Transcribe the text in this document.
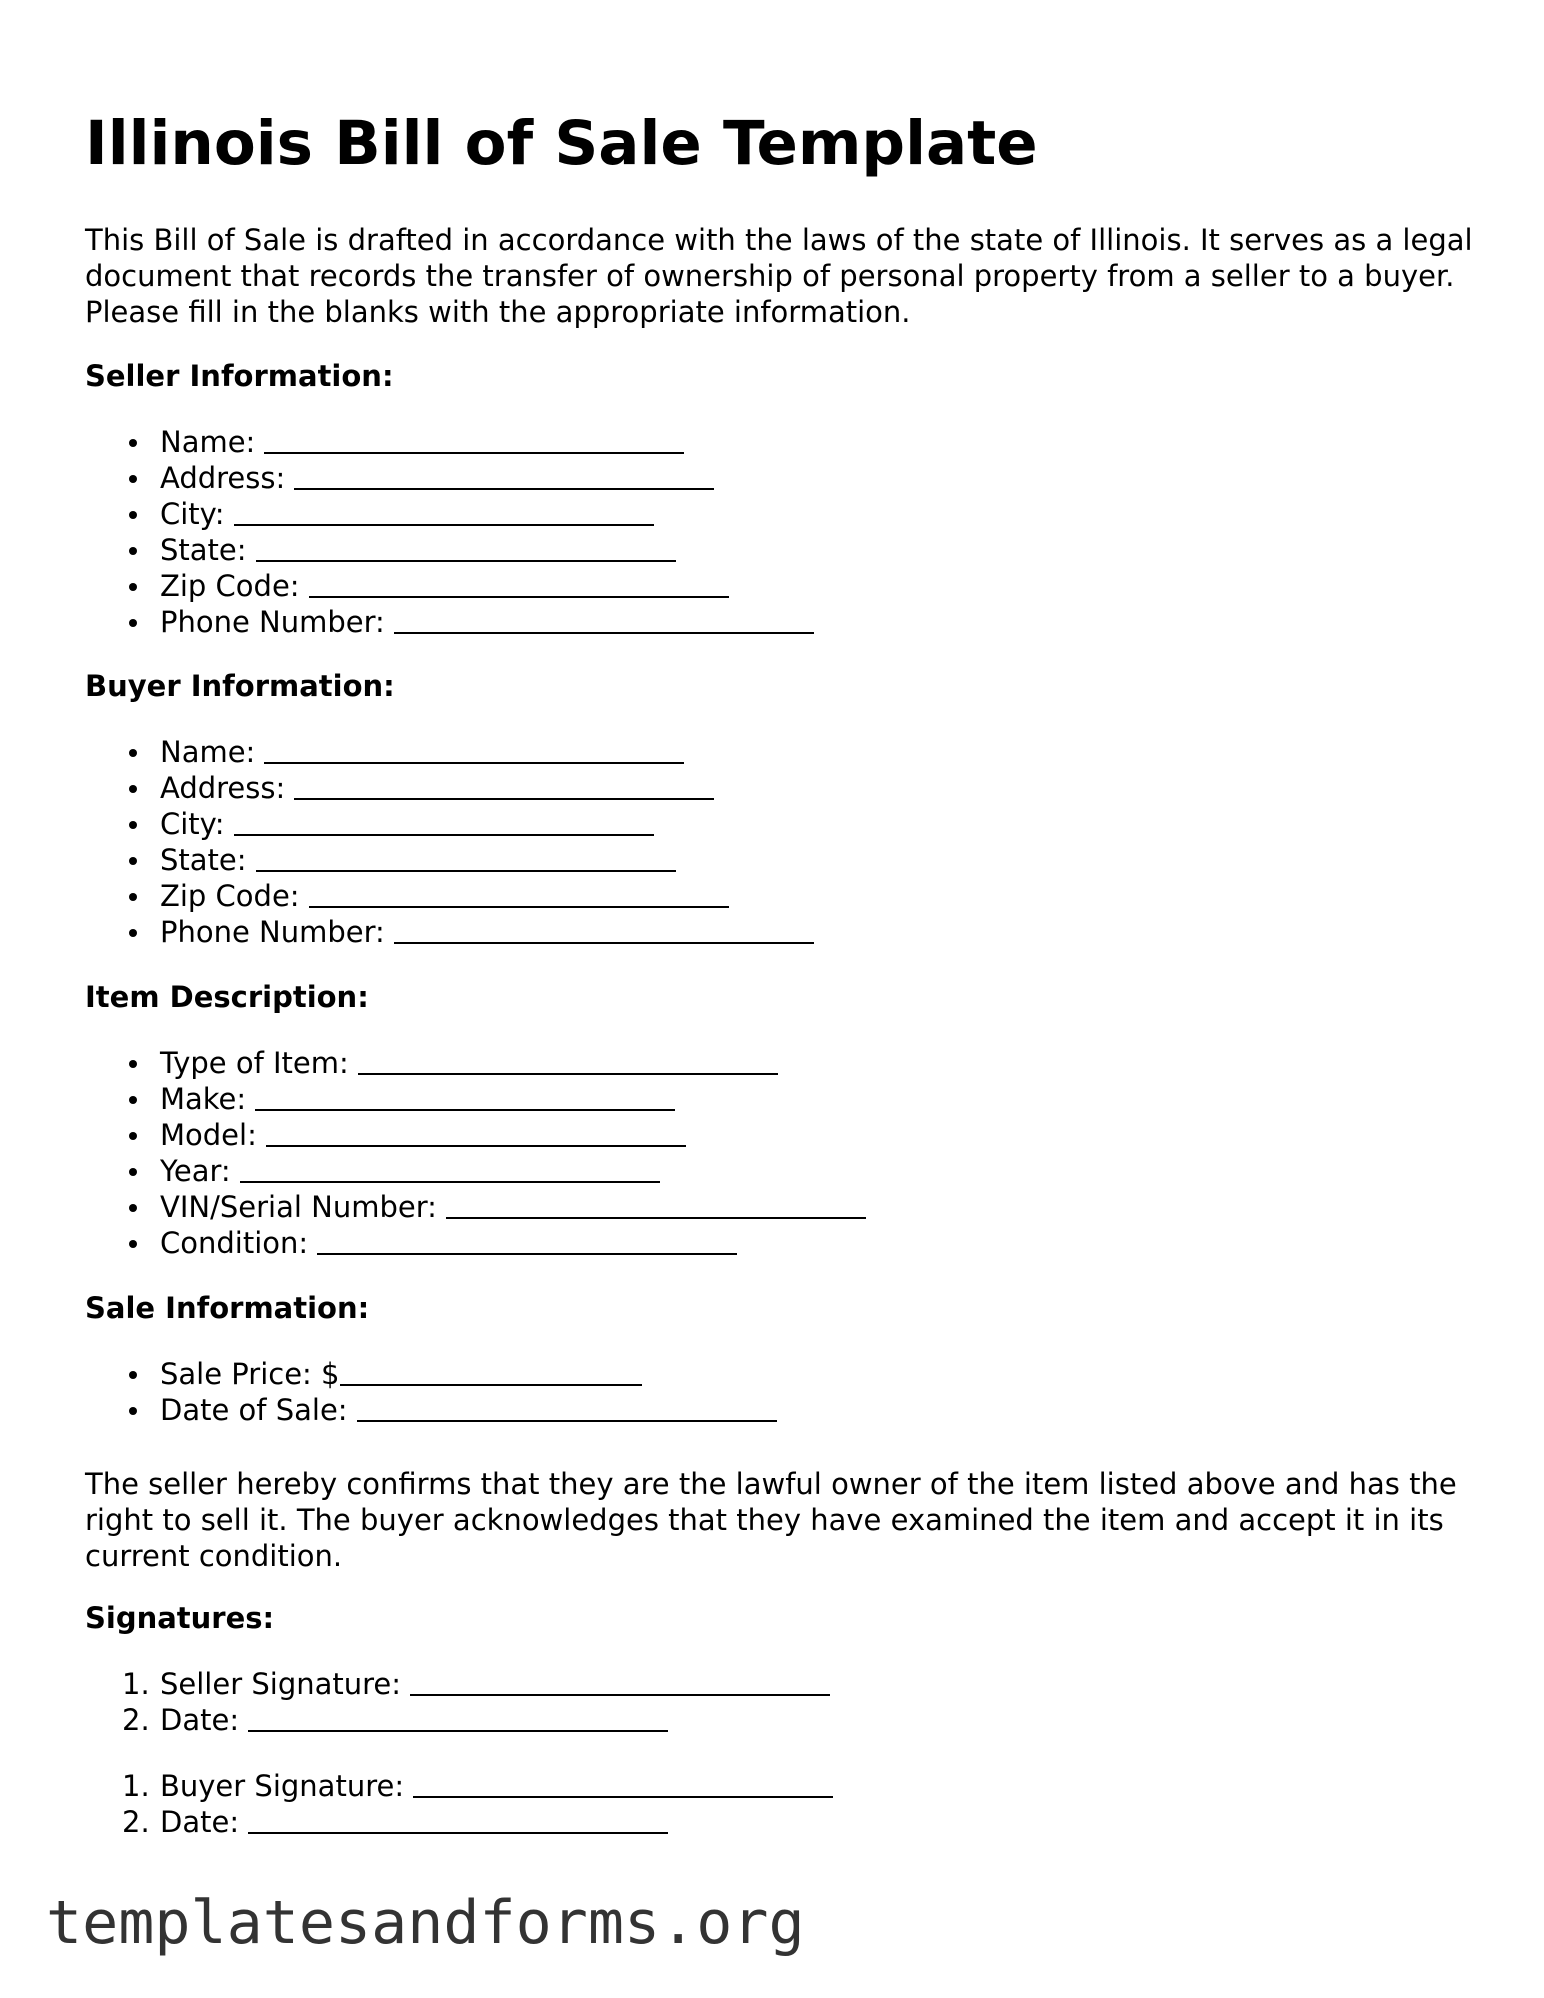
Illinois Bill of Sale Template

This Bill of Sale is drafted in accordance with the laws of the state of Illinois. It serves as a legal document that records the transfer of ownership of personal property from a seller to a buyer. Please fill in the blanks with the appropriate information.

Seller Information:
Name:
Address:
City:
State:
Zip Code:
Phone Number:
Buyer Information:
Name:
Address:
City:
State:
Zip Code:
Phone Number:
Item Description:
Type of Item:
Make:
Model:
Year:
VIN/Serial Number:
Condition:
Sale Information:
Sale Price: $
Date of Sale:

The seller hereby confirms that they are the lawful owner of the item listed above and has the right to sell it. The buyer acknowledges that they have examined the item and accept it in its current condition.

Signatures:
1. Seller Signature:
2. Date:
1. Buyer Signature:
2. Date:

templatesandforms.org
